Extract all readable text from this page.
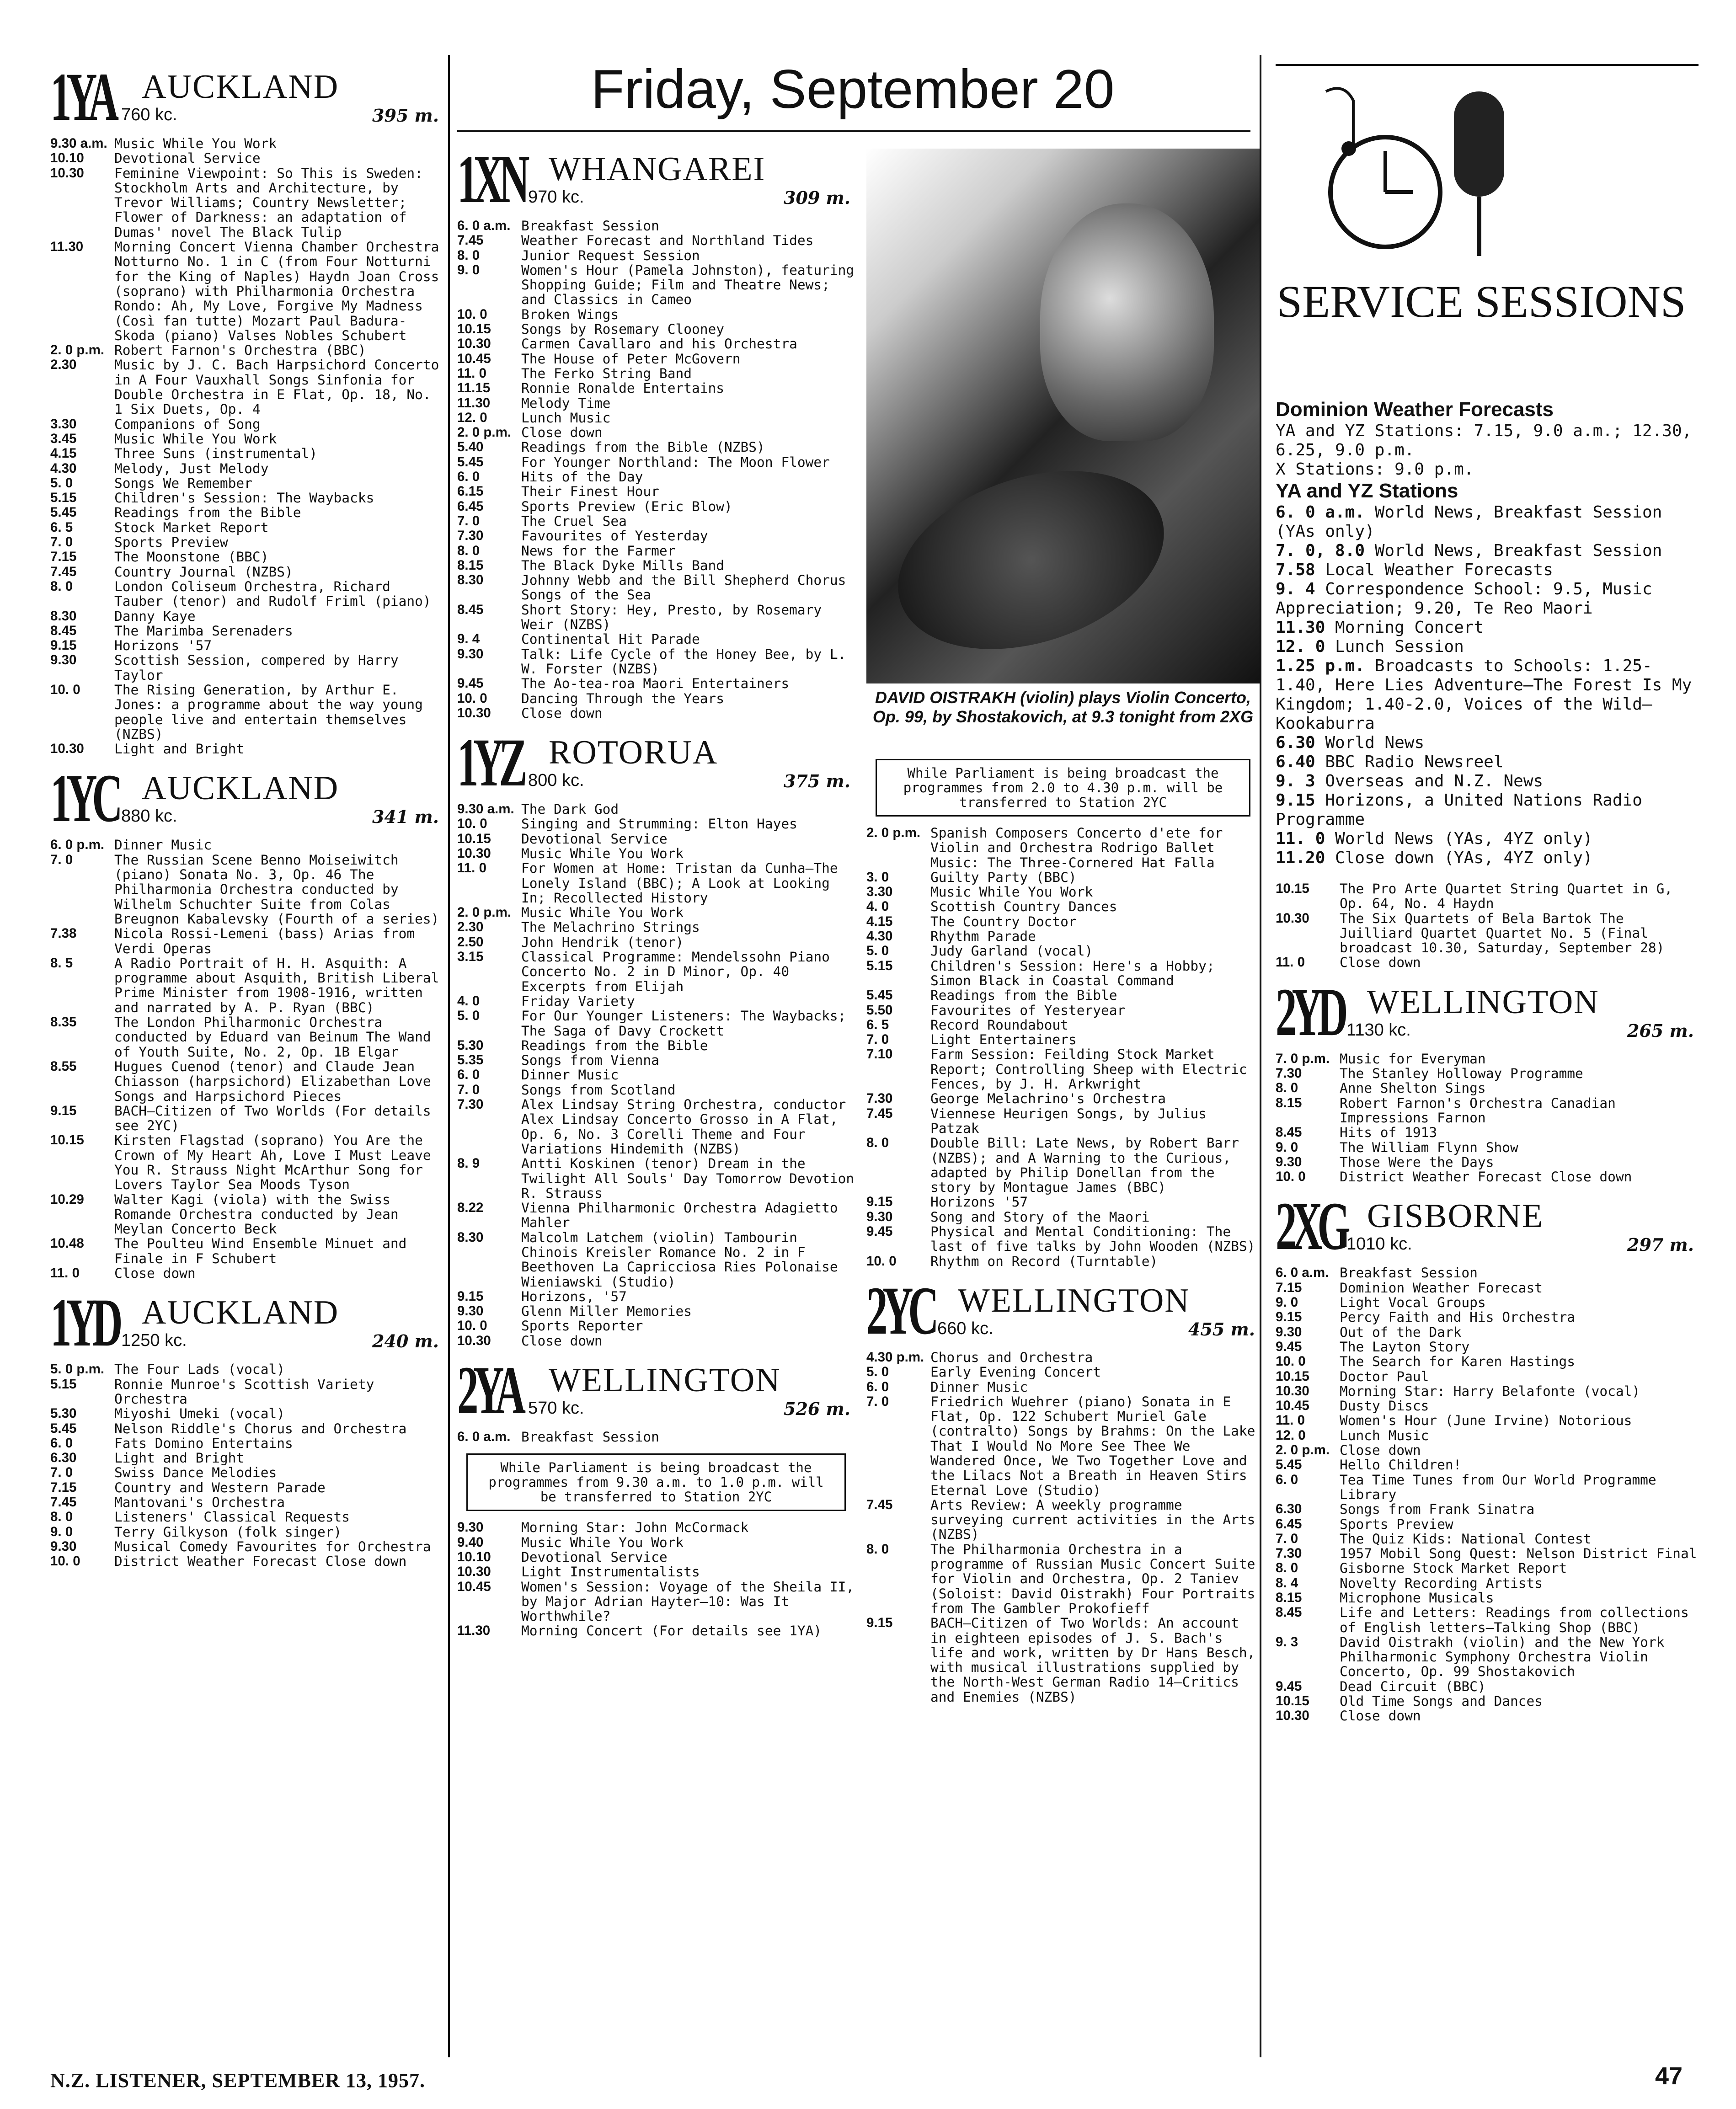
Friday, September 20
1YA AUCKLAND
760 kc.	395 m.
9.30 a.m. Music While You Work
10.10	Devotional Service
10.30	Feminine Viewpoint: So This is Sweden: Stockholm Arts and Architecture, by Trevor Williams; Country Newsletter; Flower of Darkness: an adaptation of Dumas' novel The Black Tulip
11.30	Morning Concert Vienna Chamber Orchestra Notturno No. 1 in C (from Four Notturni for the King of Naples) Haydn Joan Cross (soprano) with Philharmonia Orchestra Rondo: Ah, My Love, Forgive My Madness (Così fan tutte) Mozart Paul Badura-Skoda (piano) Valses Nobles Schubert
2. 0 p.m. Robert Farnon's Orchestra (BBC)
2.30	Music by J. C. Bach Harpsichord Concerto in A Four Vauxhall Songs Sinfonia for Double Orchestra in E Flat, Op. 18, No. 1 Six Duets, Op. 4
3.30	Companions of Song
3.45	Music While You Work
4.15	Three Suns (instrumental)
4.30	Melody, Just Melody
5. 0	Songs We Remember
5.15	Children's Session: The Waybacks
5.45	Readings from the Bible
6. 5	Stock Market Report
7. 0	Sports Preview
7.15	The Moonstone (BBC)
7.45	Country Journal (NZBS)
8. 0	London Coliseum Orchestra, Richard Tauber (tenor) and Rudolf Friml (piano)
8.30	Danny Kaye
8.45	The Marimba Serenaders
9.15	Horizons '57
9.30	Scottish Session, compered by Harry Taylor
10. 0	The Rising Generation, by Arthur E. Jones: a programme about the way young people live and entertain themselves (NZBS)
10.30	Light and Bright
1YC AUCKLAND
880 kc.	341 m.
6. 0 p.m. Dinner Music
7. 0	The Russian Scene Benno Moiseiwitch (piano) Sonata No. 3, Op. 46 The Philharmonia Orchestra conducted by Wilhelm Schuchter Suite from Colas Breugnon Kabalevsky (Fourth of a series)
7.38	Nicola Rossi-Lemeni (bass) Arias from Verdi Operas
8. 5	A Radio Portrait of H. H. Asquith: A programme about Asquith, British Liberal Prime Minister from 1908-1916, written and narrated by A. P. Ryan (BBC)
8.35	The London Philharmonic Orchestra conducted by Eduard van Beinum The Wand of Youth Suite, No. 2, Op. 1B Elgar
8.55	Hugues Cuenod (tenor) and Claude Jean Chiasson (harpsichord) Elizabethan Love Songs and Harpsichord Pieces
9.15	BACH—Citizen of Two Worlds (For details see 2YC)
10.15	Kirsten Flagstad (soprano) You Are the Crown of My Heart Ah, Love I Must Leave You R. Strauss Night McArthur Song for Lovers Taylor Sea Moods Tyson
10.29	Walter Kagi (viola) with the Swiss Romande Orchestra conducted by Jean Meylan Concerto Beck
10.48	The Poulteu Wind Ensemble Minuet and Finale in F Schubert
11. 0	Close down
1YD AUCKLAND
1250 kc.	240 m.
5. 0 p.m. The Four Lads (vocal)
5.15	Ronnie Munroe's Scottish Variety Orchestra
5.30	Miyoshi Umeki (vocal)
5.45	Nelson Riddle's Chorus and Orchestra
6. 0	Fats Domino Entertains
6.30	Light and Bright
7. 0	Swiss Dance Melodies
7.15	Country and Western Parade
7.45	Mantovani's Orchestra
8. 0	Listeners' Classical Requests
9. 0	Terry Gilkyson (folk singer)
9.30	Musical Comedy Favourites for Orchestra
10. 0	District Weather Forecast Close down
1XN WHANGAREI
970 kc.	309 m.
6. 0 a.m. Breakfast Session
7.45	Weather Forecast and Northland Tides
8. 0	Junior Request Session
9. 0	Women's Hour (Pamela Johnston), featuring Shopping Guide; Film and Theatre News; and Classics in Cameo
10. 0	Broken Wings
10.15	Songs by Rosemary Clooney
10.30	Carmen Cavallaro and his Orchestra
10.45	The House of Peter McGovern
11. 0	The Ferko String Band
11.15	Ronnie Ronalde Entertains
11.30	Melody Time
12. 0	Lunch Music
2. 0 p.m. Close down
5.40	Readings from the Bible (NZBS)
5.45	For Younger Northland: The Moon Flower
6. 0	Hits of the Day
6.15	Their Finest Hour
6.45	Sports Preview (Eric Blow)
7. 0	The Cruel Sea
7.30	Favourites of Yesterday
8. 0	News for the Farmer
8.15	The Black Dyke Mills Band
8.30	Johnny Webb and the Bill Shepherd Chorus Songs of the Sea
8.45	Short Story: Hey, Presto, by Rosemary Weir (NZBS)
9. 4	Continental Hit Parade
9.30	Talk: Life Cycle of the Honey Bee, by L. W. Forster (NZBS)
9.45	The Ao-tea-roa Maori Entertainers
10. 0	Dancing Through the Years
10.30	Close down
1YZ ROTORUA
800 kc.	375 m.
9.30 a.m. The Dark God
10. 0	Singing and Strumming: Elton Hayes
10.15	Devotional Service
10.30	Music While You Work
11. 0	For Women at Home: Tristan da Cunha—The Lonely Island (BBC); A Look at Looking In; Recollected History
2. 0 p.m. Music While You Work
2.30	The Melachrino Strings
2.50	John Hendrik (tenor)
3.15	Classical Programme: Mendelssohn Piano Concerto No. 2 in D Minor, Op. 40 Excerpts from Elijah
4. 0	Friday Variety
5. 0	For Our Younger Listeners: The Waybacks; The Saga of Davy Crockett
5.30	Readings from the Bible
5.35	Songs from Vienna
6. 0	Dinner Music
7. 0	Songs from Scotland
7.30	Alex Lindsay String Orchestra, conductor Alex Lindsay Concerto Grosso in A Flat, Op. 6, No. 3 Corelli Theme and Four Variations Hindemith (NZBS)
8. 9	Antti Koskinen (tenor) Dream in the Twilight All Souls' Day Tomorrow Devotion R. Strauss
8.22	Vienna Philharmonic Orchestra Adagietto Mahler
8.30	Malcolm Latchem (violin) Tambourin Chinois Kreisler Romance No. 2 in F Beethoven La Capricciosa Ries Polonaise Wieniawski (Studio)
9.15	Horizons, '57
9.30	Glenn Miller Memories
10. 0	Sports Reporter
10.30	Close down
2YA WELLINGTON
570 kc.	526 m.
6. 0 a.m. Breakfast Session
While Parliament is being broadcast the programmes from 9.30 a.m. to 1.0 p.m. will be transferred to Station 2YC
9.30	Morning Star: John McCormack
9.40	Music While You Work
10.10	Devotional Service
10.30	Light Instrumentalists
10.45	Women's Session: Voyage of the Sheila II, by Major Adrian Hayter—10: Was It Worthwhile?
11.30	Morning Concert (For details see 1YA)
DAVID OISTRAKH (violin) plays Violin Concerto, Op. 99, by Shostakovich, at 9.3 tonight from 2XG
While Parliament is being broadcast the programmes from 2.0 to 4.30 p.m. will be transferred to Station 2YC
2. 0 p.m. Spanish Composers Concerto d'ete for Violin and Orchestra Rodrigo Ballet Music: The Three-Cornered Hat Falla
3. 0	Guilty Party (BBC)
3.30	Music While You Work
4. 0	Scottish Country Dances
4.15	The Country Doctor
4.30	Rhythm Parade
5. 0	Judy Garland (vocal)
5.15	Children's Session: Here's a Hobby; Simon Black in Coastal Command
5.45	Readings from the Bible
5.50	Favourites of Yesteryear
6. 5	Record Roundabout
7. 0	Light Entertainers
7.10	Farm Session: Feilding Stock Market Report; Controlling Sheep with Electric Fences, by J. H. Arkwright
7.30	George Melachrino's Orchestra
7.45	Viennese Heurigen Songs, by Julius Patzak
8. 0	Double Bill: Late News, by Robert Barr (NZBS); and A Warning to the Curious, adapted by Philip Donellan from the story by Montague James (BBC)
9.15	Horizons '57
9.30	Song and Story of the Maori
9.45	Physical and Mental Conditioning: The last of five talks by John Wooden (NZBS)
10. 0	Rhythm on Record (Turntable)
2YC WELLINGTON
660 kc.	455 m.
4.30 p.m. Chorus and Orchestra
5. 0	Early Evening Concert
6. 0	Dinner Music
7. 0	Friedrich Wuehrer (piano) Sonata in E Flat, Op. 122 Schubert Muriel Gale (contralto) Songs by Brahms: On the Lake That I Would No More See Thee We Wandered Once, We Two Together Love and the Lilacs Not a Breath in Heaven Stirs Eternal Love (Studio)
7.45	Arts Review: A weekly programme surveying current activities in the Arts (NZBS)
8. 0	The Philharmonia Orchestra in a programme of Russian Music Concert Suite for Violin and Orchestra, Op. 2 Taniev (Soloist: David Oistrakh) Four Portraits from The Gambler Prokofieff
9.15	BACH—Citizen of Two Worlds: An account in eighteen episodes of J. S. Bach's life and work, written by Dr Hans Besch, with musical illustrations supplied by the North-West German Radio 14—Critics and Enemies (NZBS)
SERVICE SESSIONS
Dominion Weather Forecasts
YA and YZ Stations: 7.15, 9.0 a.m.; 12.30, 6.25, 9.0 p.m.
X Stations: 9.0 p.m.
YA and YZ Stations
6. 0 a.m. World News, Breakfast Session (YAs only)
7. 0, 8.0 World News, Breakfast Session
7.58 Local Weather Forecasts
9. 4 Correspondence School: 9.5, Music Appreciation; 9.20, Te Reo Maori
11.30 Morning Concert
12. 0 Lunch Session
1.25 p.m. Broadcasts to Schools: 1.25-1.40, Here Lies Adventure—The Forest Is My Kingdom; 1.40-2.0, Voices of the Wild—Kookaburra
6.30 World News
6.40 BBC Radio Newsreel
9. 3 Overseas and N.Z. News
9.15 Horizons, a United Nations Radio Programme
11. 0 World News (YAs, 4YZ only)
11.20 Close down (YAs, 4YZ only)
10.15	The Pro Arte Quartet String Quartet in G, Op. 64, No. 4 Haydn
10.30	The Six Quartets of Bela Bartok The Juilliard Quartet Quartet No. 5 (Final broadcast 10.30, Saturday, September 28)
11. 0	Close down
2YD WELLINGTON
1130 kc.	265 m.
7. 0 p.m. Music for Everyman
7.30	The Stanley Holloway Programme
8. 0	Anne Shelton Sings
8.15	Robert Farnon's Orchestra Canadian Impressions Farnon
8.45	Hits of 1913
9. 0	The William Flynn Show
9.30	Those Were the Days
10. 0	District Weather Forecast Close down
2XG GISBORNE
1010 kc.	297 m.
6. 0 a.m. Breakfast Session
7.15	Dominion Weather Forecast
9. 0	Light Vocal Groups
9.15	Percy Faith and His Orchestra
9.30	Out of the Dark
9.45	The Layton Story
10. 0	The Search for Karen Hastings
10.15	Doctor Paul
10.30	Morning Star: Harry Belafonte (vocal)
10.45	Dusty Discs
11. 0	Women's Hour (June Irvine) Notorious
12. 0	Lunch Music
2. 0 p.m. Close down
5.45	Hello Children!
6. 0	Tea Time Tunes from Our World Programme Library
6.30	Songs from Frank Sinatra
6.45	Sports Preview
7. 0	The Quiz Kids: National Contest
7.30	1957 Mobil Song Quest: Nelson District Final
8. 0	Gisborne Stock Market Report
8. 4	Novelty Recording Artists
8.15	Microphone Musicals
8.45	Life and Letters: Readings from collections of English letters—Talking Shop (BBC)
9. 3	David Oistrakh (violin) and the New York Philharmonic Symphony Orchestra Violin Concerto, Op. 99 Shostakovich
9.45	Dead Circuit (BBC)
10.15	Old Time Songs and Dances
10.30	Close down
N.Z. LISTENER, SEPTEMBER 13, 1957.	47
